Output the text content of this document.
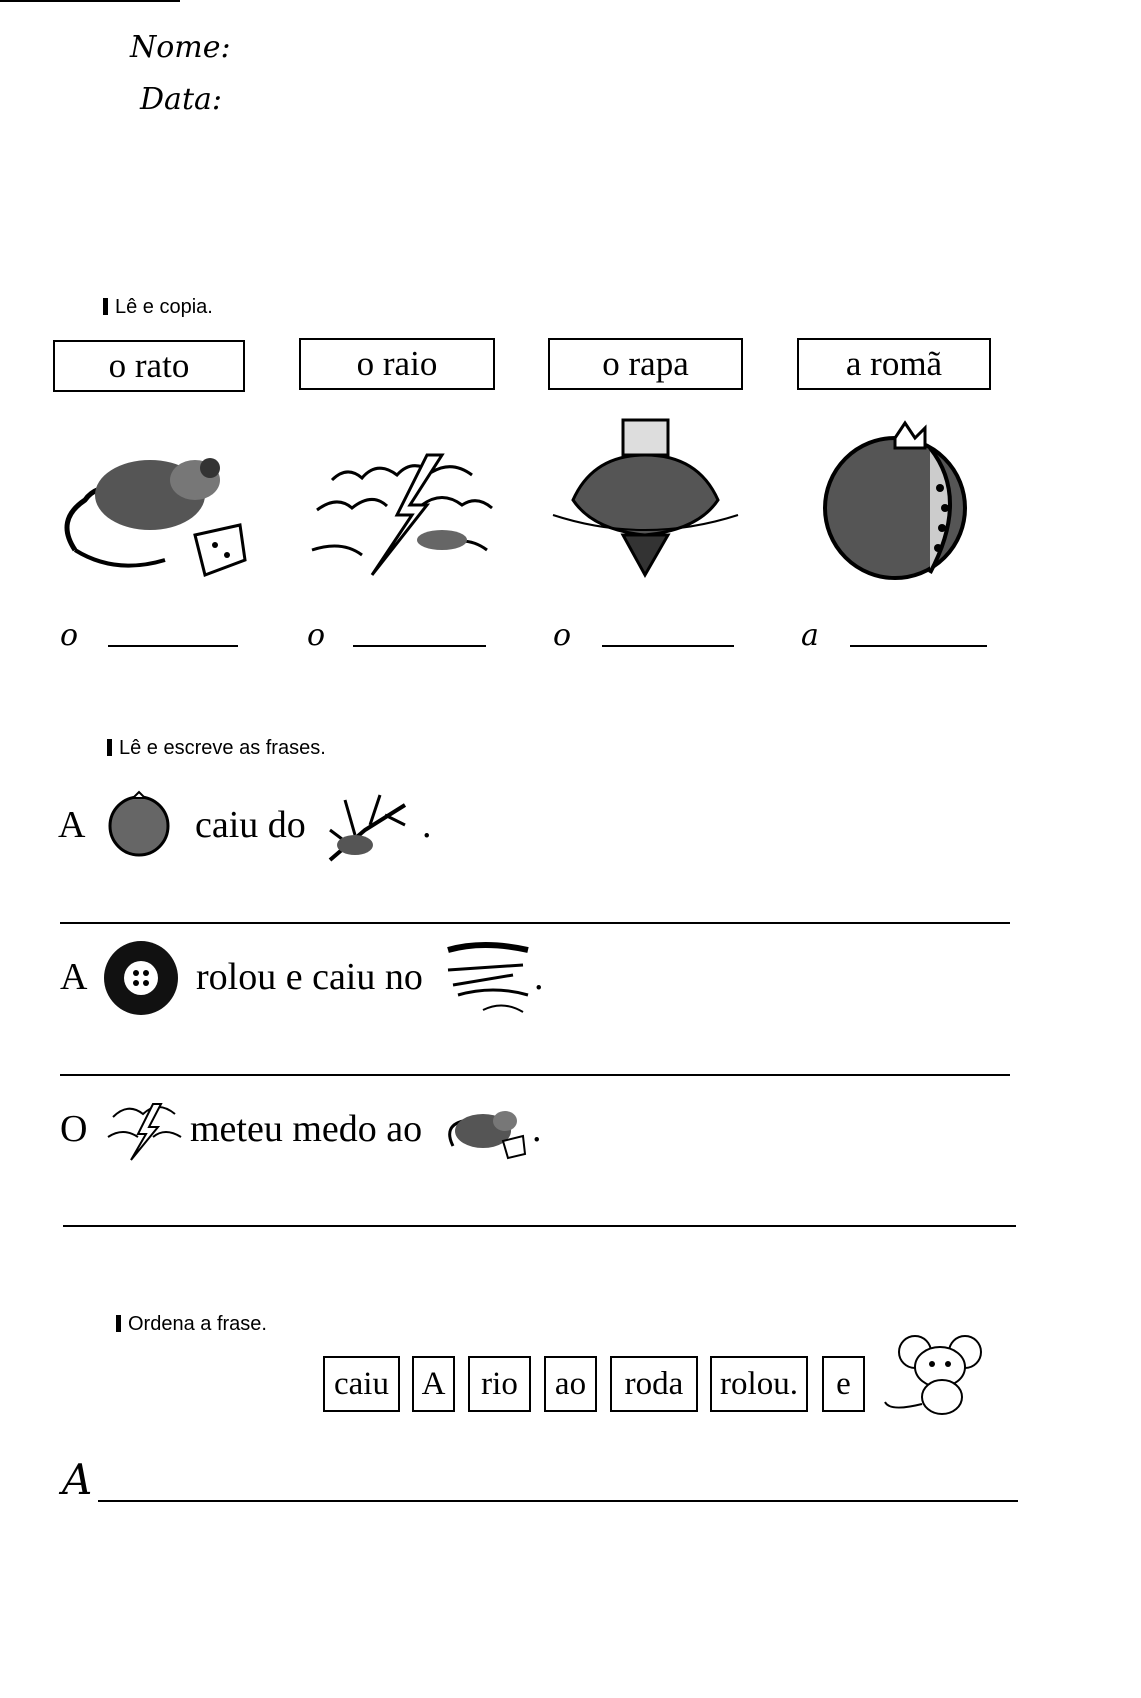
Nome:
Data:
Lê e copia.
o rato	o raio	o rapa	a romã
o	o	o	a
Lê e escreve as frases.
A	caiu do	.
A	rolou e caiu no	.
O	meteu medo ao	.
Ordena a frase.
caiu A	rio	ao	roda	rolou.	e
A
